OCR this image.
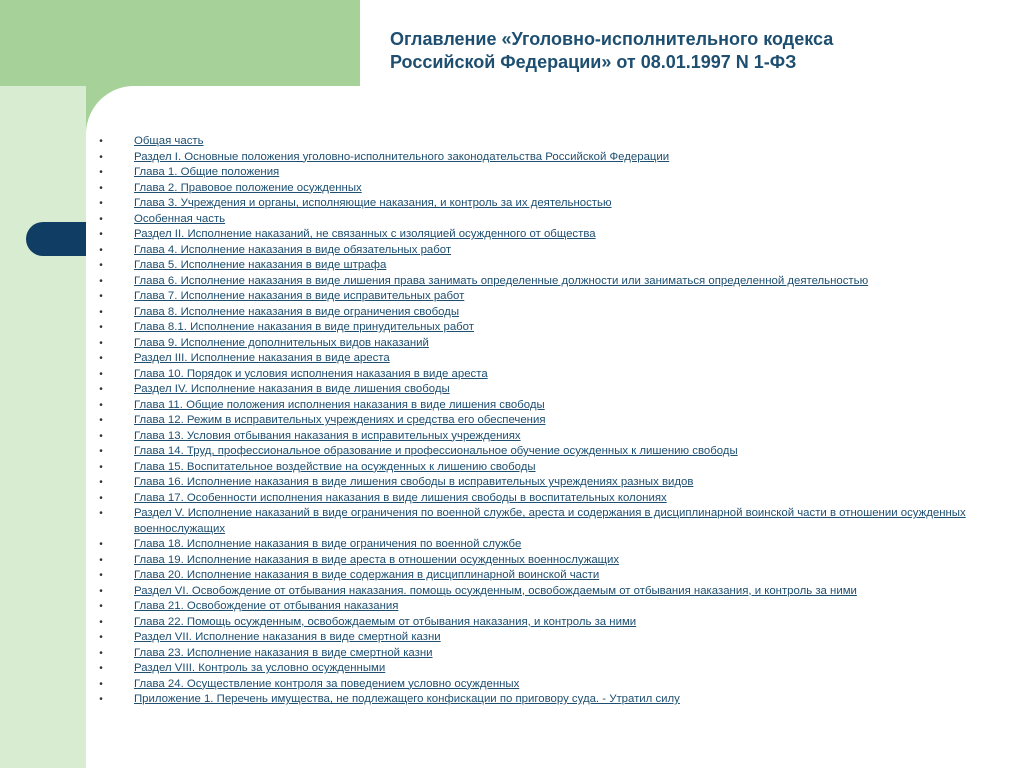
Оглавление «Уголовно-исполнительного кодекса
Российской Федерации» от 08.01.1997 N 1-ФЗ
•	Общая часть
•	Раздел I. Основные положения уголовно-исполнительного законодательства Российской Федерации
•	Глава 1. Общие положения
•	Глава 2. Правовое положение осужденных
•	Глава 3. Учреждения и органы, исполняющие наказания, и контроль за их деятельностью
•	Особенная часть
•	Раздел II. Исполнение наказаний, не связанных с изоляцией осужденного от общества
•	Глава 4. Исполнение наказания в виде обязательных работ
•	Глава 5. Исполнение наказания в виде штрафа
•	Глава 6. Исполнение наказания в виде лишения права занимать определенные должности или заниматься определенной деятельностью
•	Глава 7. Исполнение наказания в виде исправительных работ
•	Глава 8. Исполнение наказания в виде ограничения свободы
•	Глава 8.1. Исполнение наказания в виде принудительных работ
•	Глава 9. Исполнение дополнительных видов наказаний
•	Раздел III. Исполнение наказания в виде ареста
•	Глава 10. Порядок и условия исполнения наказания в виде ареста
•	Раздел IV. Исполнение наказания в виде лишения свободы
•	Глава 11. Общие положения исполнения наказания в виде лишения свободы
•	Глава 12. Режим в исправительных учреждениях и средства его обеспечения
•	Глава 13. Условия отбывания наказания в исправительных учреждениях
•	Глава 14. Труд, профессиональное образование и профессиональное обучение осужденных к лишению свободы
•	Глава 15. Воспитательное воздействие на осужденных к лишению свободы
•	Глава 16. Исполнение наказания в виде лишения свободы в исправительных учреждениях разных видов
•	Глава 17. Особенности исполнения наказания в виде лишения свободы в воспитательных колониях
•	Раздел V. Исполнение наказаний в виде ограничения по военной службе, ареста и содержания в дисциплинарной воинской части в отношении осужденных военнослужащих
•	Глава 18. Исполнение наказания в виде ограничения по военной службе
•	Глава 19. Исполнение наказания в виде ареста в отношении осужденных военнослужащих
•	Глава 20. Исполнение наказания в виде содержания в дисциплинарной воинской части
•	Раздел VI. Освобождение от отбывания наказания. помощь осужденным, освобождаемым от отбывания наказания, и контроль за ними
•	Глава 21. Освобождение от отбывания наказания
•	Глава 22. Помощь осужденным, освобождаемым от отбывания наказания, и контроль за ними
•	Раздел VII. Исполнение наказания в виде смертной казни
•	Глава 23. Исполнение наказания в виде смертной казни
•	Раздел VIII. Контроль за условно осужденными
•	Глава 24. Осуществление контроля за поведением условно осужденных
•	Приложение 1. Перечень имущества, не подлежащего конфискации по приговору суда. - Утратил силу
